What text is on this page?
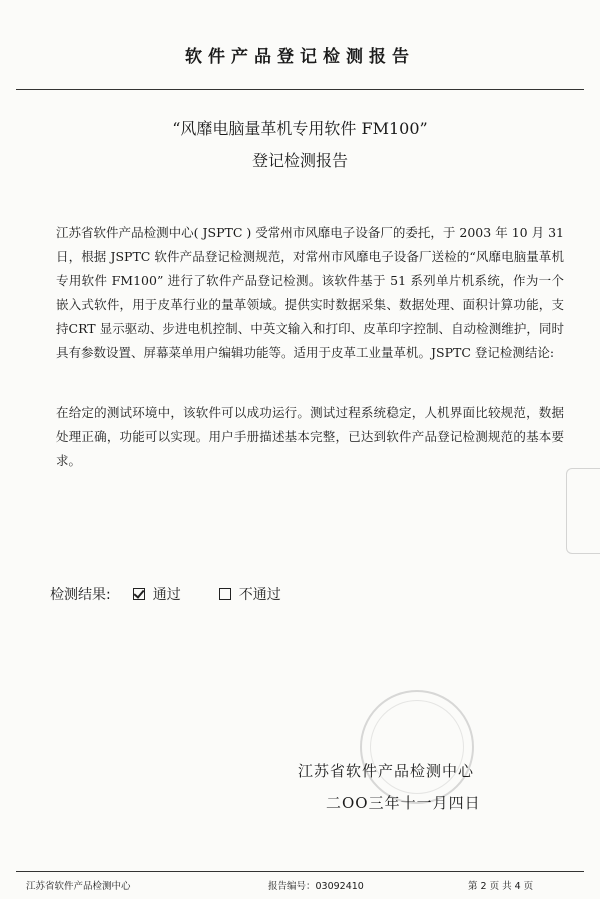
软件产品登记检测报告
“风靡电脑量革机专用软件 FM100”
登记检测报告
江苏省软件产品检测中心( JSPTC ) 受常州市风靡电子设备厂的委托，于 2003 年 10 月 31 日，根据 JSPTC 软件产品登记检测规范，对常州市风靡电子设备厂送检的“风靡电脑量革机专用软件 FM100” 进行了软件产品登记检测。该软件基于 51 系列单片机系统，作为一个嵌入式软件，用于皮革行业的量革领域。提供实时数据采集、数据处理、面积计算功能，支持CRT 显示驱动、步进电机控制、中英文输入和打印、皮革印字控制、自动检测维护，同时具有参数设置、屏幕菜单用户编辑功能等。适用于皮革工业量革机。JSPTC 登记检测结论:
在给定的测试环境中，该软件可以成功运行。测试过程系统稳定，人机界面比较规范，数据处理正确，功能可以实现。用户手册描述基本完整，已达到软件产品登记检测规范的基本要求。
检测结果:	通过	不通过
江苏省软件产品检测中心
二OO三年十一月四日
江苏省软件产品检测中心	报告编号：03092410	第 2 页 共 4 页
